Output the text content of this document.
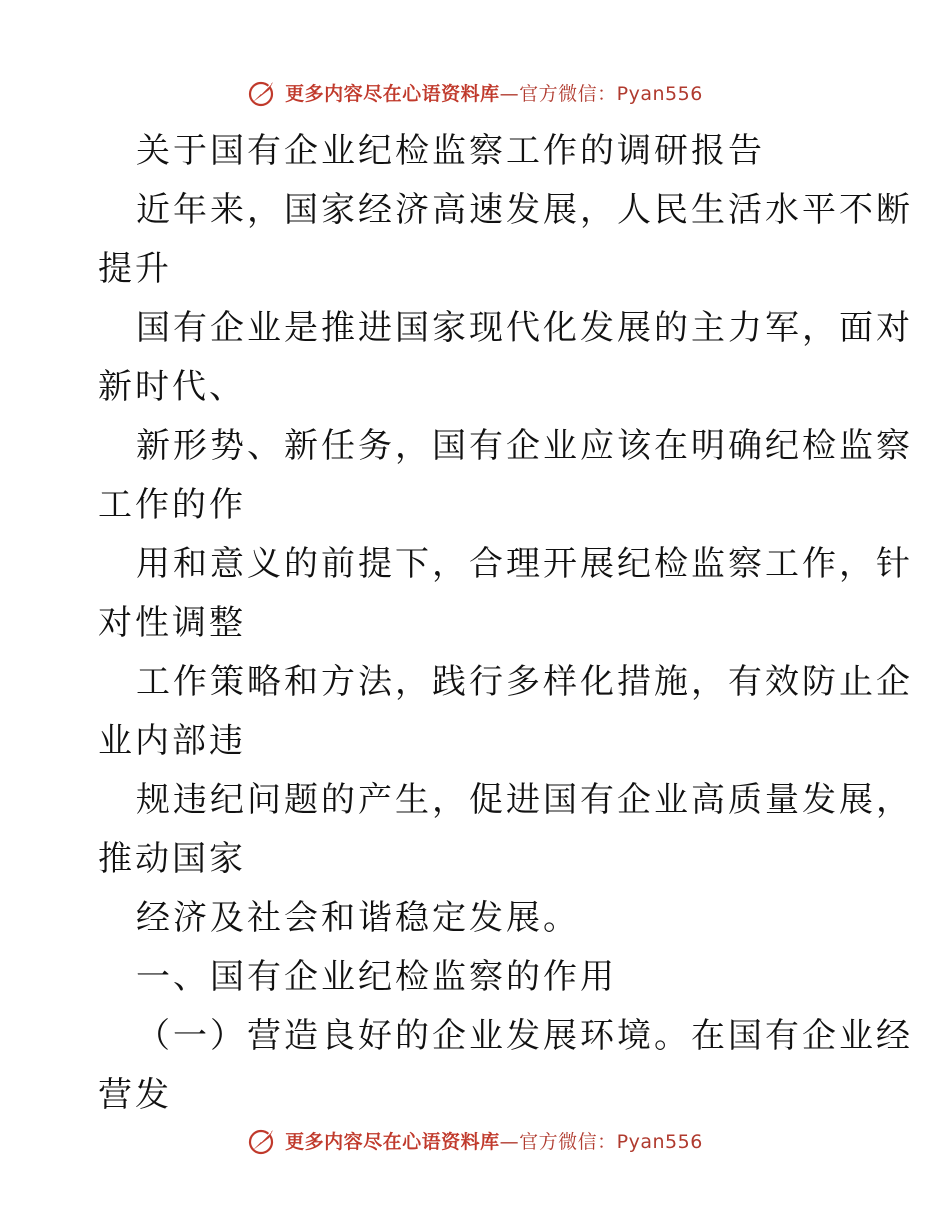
更多内容尽在心语资料库—官方微信：Pyan556
关于国有企业纪检监察工作的调研报告
近年来，国家经济高速发展，人民生活水平不断
提升
国有企业是推进国家现代化发展的主力军，面对
新时代、
新形势、新任务，国有企业应该在明确纪检监察
工作的作
用和意义的前提下，合理开展纪检监察工作，针
对性调整
工作策略和方法，践行多样化措施，有效防止企
业内部违
规违纪问题的产生，促进国有企业高质量发展，
推动国家
经济及社会和谐稳定发展。
一、国有企业纪检监察的作用
（一）营造良好的企业发展环境。在国有企业经
营发
更多内容尽在心语资料库—官方微信：Pyan556
